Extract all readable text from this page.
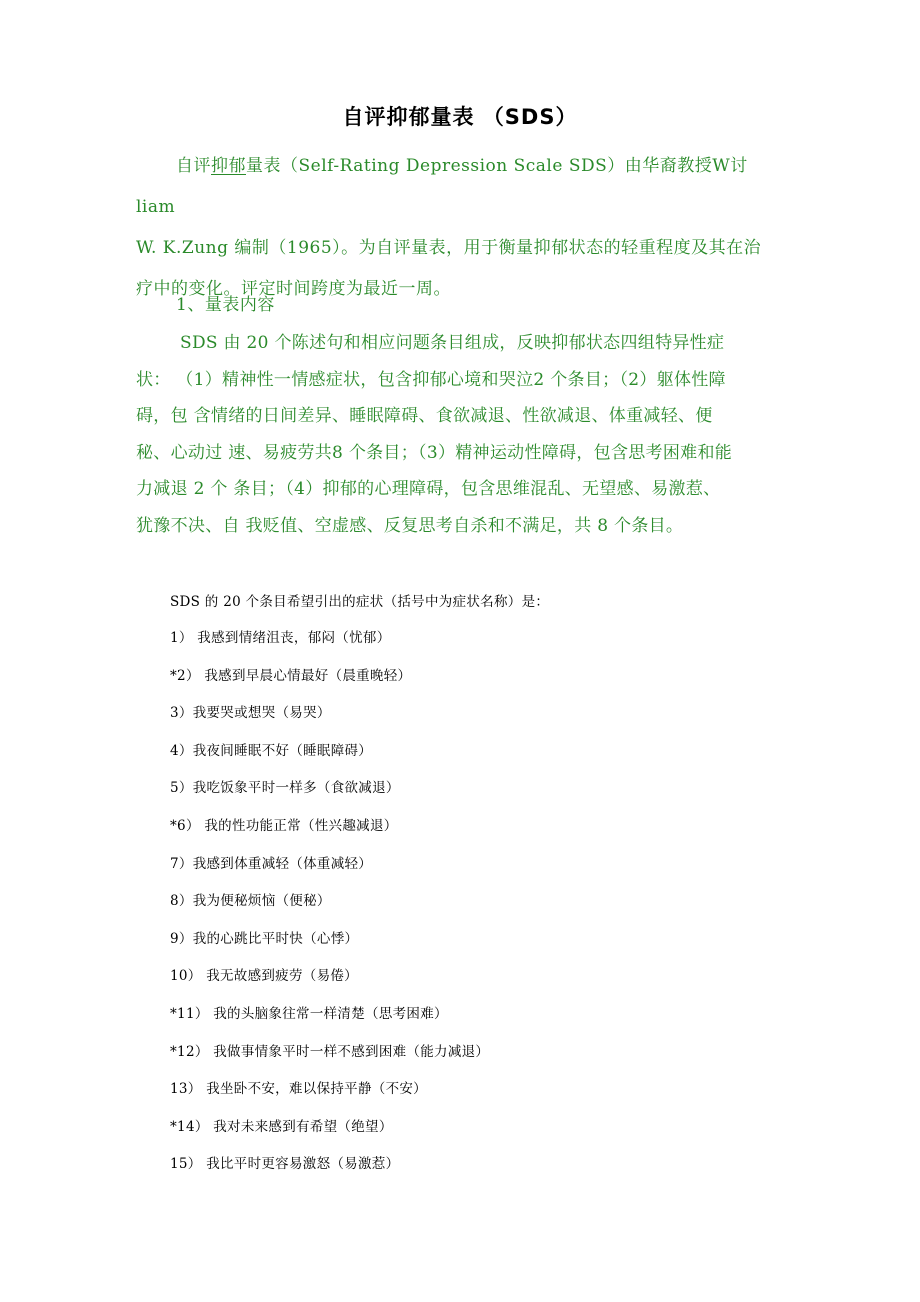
自评抑郁量表 （SDS）
自评抑郁量表（Self-Rating Depression Scale SDS）由华裔教授W讨liam
W. K.Zung 编制（1965）。为自评量表，用于衡量抑郁状态的轻重程度及其在治
疗中的变化。评定时间跨度为最近一周。
1、量表内容
SDS 由 20 个陈述句和相应问题条目组成，反映抑郁状态四组特异性症
状： （1）精神性一情感症状，包含抑郁心境和哭泣2 个条目；（2）躯体性障
碍，包 含情绪的日间差异、睡眠障碍、食欲减退、性欲减退、体重减轻、便
秘、心动过 速、易疲劳共8 个条目；（3）精神运动性障碍，包含思考困难和能
力减退 2 个 条目；（4）抑郁的心理障碍，包含思维混乱、无望感、易激惹、
犹豫不决、自 我贬值、空虚感、反复思考自杀和不满足，共 8 个条目。
SDS 的 20 个条目希望引出的症状（括号中为症状名称）是：
1） 我感到情绪沮丧，郁闷（忧郁）
*2） 我感到早晨心情最好（晨重晚轻）
3）我要哭或想哭（易哭）
4）我夜间睡眠不好（睡眠障碍）
5）我吃饭象平时一样多（食欲减退）
*6） 我的性功能正常（性兴趣减退）
7）我感到体重减轻（体重减轻）
8）我为便秘烦恼（便秘）
9）我的心跳比平时快（心悸）
10） 我无故感到疲劳（易倦）
*11） 我的头脑象往常一样清楚（思考困难）
*12） 我做事情象平时一样不感到困难（能力减退）
13） 我坐卧不安，难以保持平静（不安）
*14） 我对未来感到有希望（绝望）
15） 我比平时更容易激怒（易激惹）
